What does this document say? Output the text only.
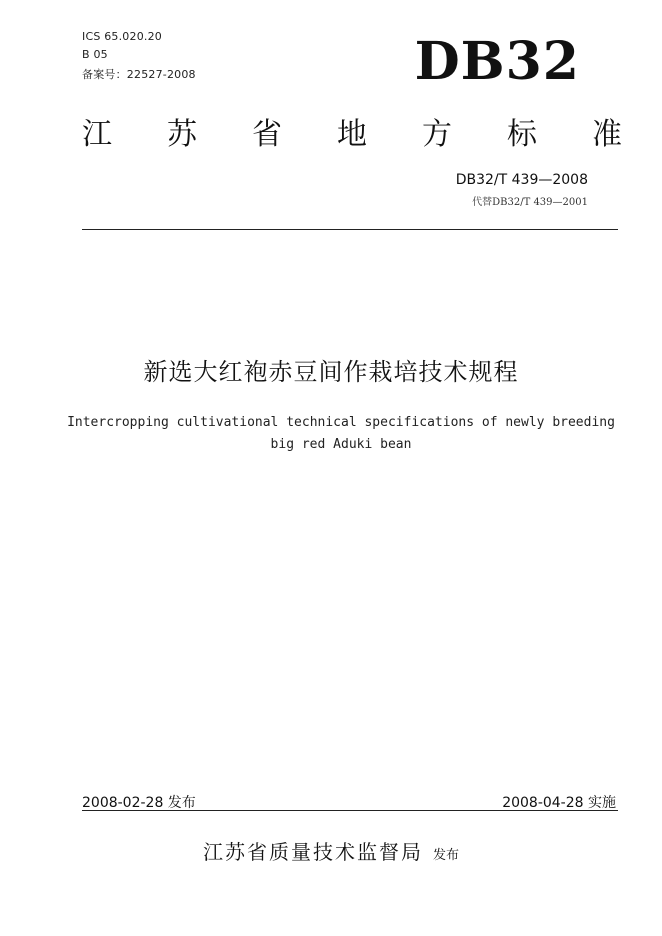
ICS 65.020.20
B 05
备案号：22527-2008	DB32
江 苏 省 地 方 标 准
DB32/T 439—2008
代替DB32/T 439—2001
新选大红袍赤豆间作栽培技术规程
Intercropping cultivational technical specifications of newly breeding
big red Aduki bean
2008-02-28 发布	2008-04-28 实施
江苏省质量技术监督局 发布
